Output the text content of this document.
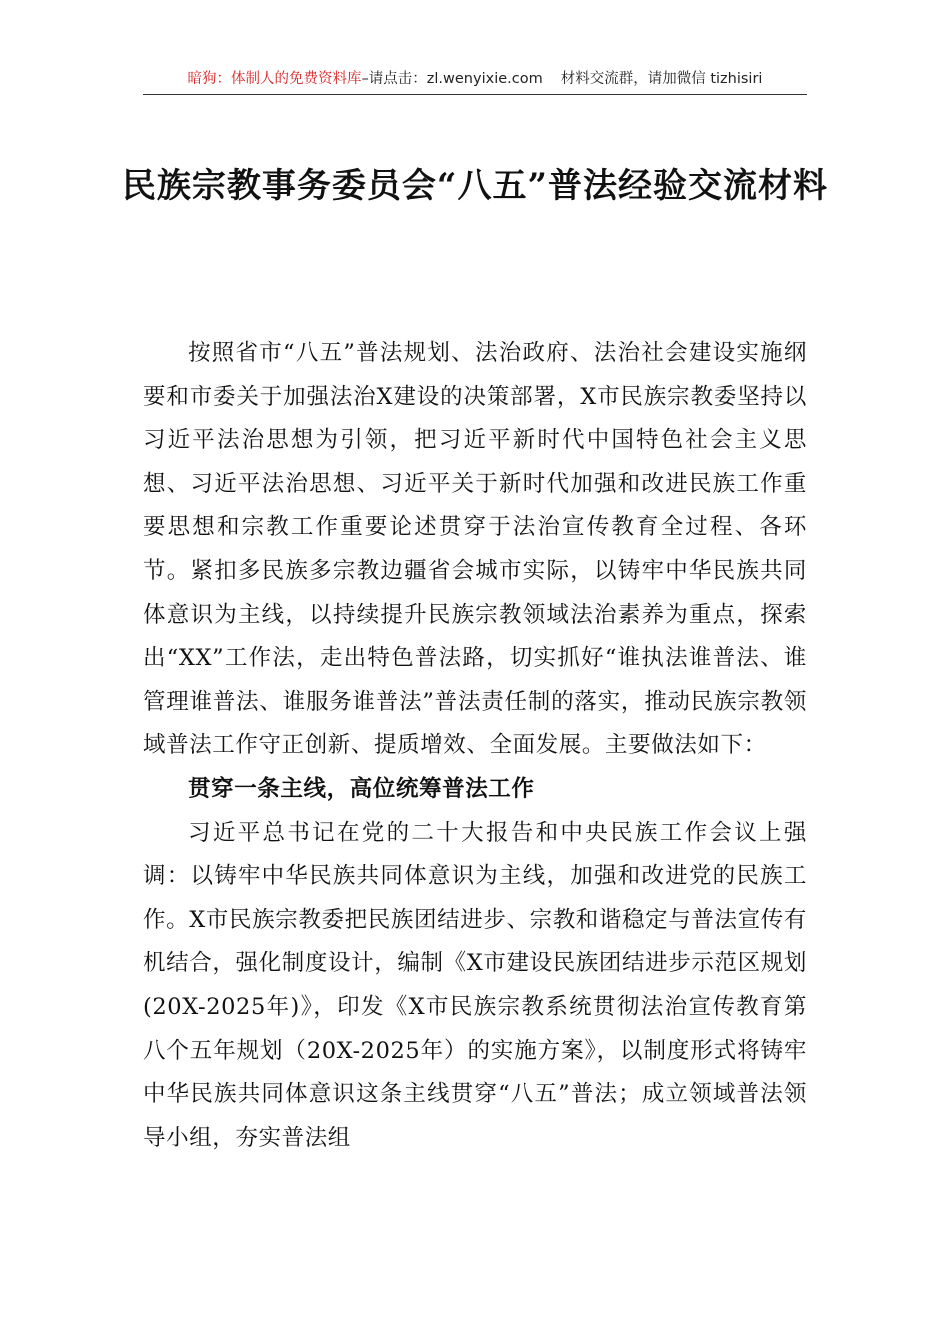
暗狗：体制人的免费资料库–请点击：zl.wenyixie.com 材料交流群，请加微信 tizhisiri
民族宗教事务委员会“八五”普法经验交流材料

按照省市“八五”普法规划、法治政府、法治社会建设实施纲要和市委关于加强法治X建设的决策部署，X市民族宗教委坚持以习近平法治思想为引领，把习近平新时代中国特色社会主义思想、习近平法治思想、习近平关于新时代加强和改进民族工作重要思想和宗教工作重要论述贯穿于法治宣传教育全过程、各环节。紧扣多民族多宗教边疆省会城市实际，以铸牢中华民族共同体意识为主线，以持续提升民族宗教领域法治素养为重点，探索出“XX”工作法，走出特色普法路，切实抓好“谁执法谁普法、谁管理谁普法、谁服务谁普法”普法责任制的落实，推动民族宗教领域普法工作守正创新、提质增效、全面发展。主要做法如下：

贯穿一条主线，高位统筹普法工作

习近平总书记在党的二十大报告和中央民族工作会议上强调：以铸牢中华民族共同体意识为主线，加强和改进党的民族工作。X市民族宗教委把民族团结进步、宗教和谐稳定与普法宣传有机结合，强化制度设计，编制《X市建设民族团结进步示范区规划(20X-2025年)》，印发《X市民族宗教系统贯彻法治宣传教育第八个五年规划（20X-2025年）的实施方案》，以制度形式将铸牢中华民族共同体意识这条主线贯穿“八五”普法；成立领域普法领导小组，夯实普法组
